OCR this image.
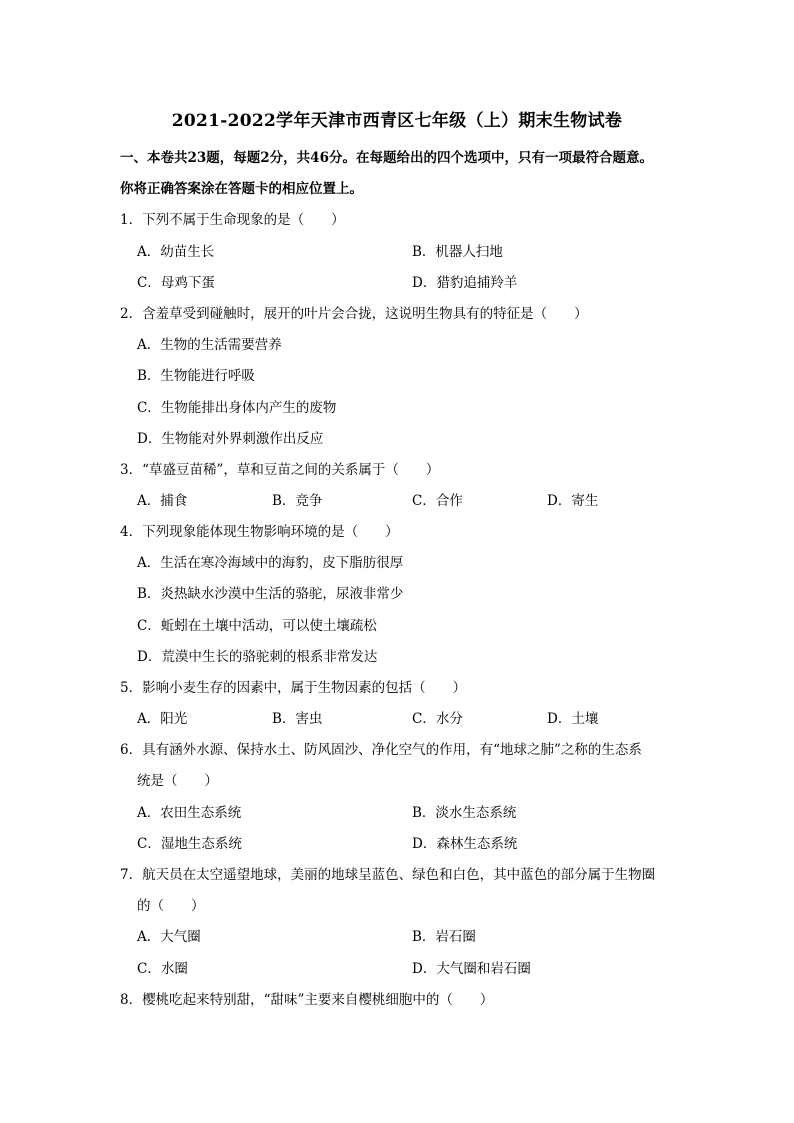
2021-2022学年天津市西青区七年级（上）期末生物试卷
一、本卷共23题，每题2分，共46分。在每题给出的四个选项中，只有一项最符合题意。
你将正确答案涂在答题卡的相应位置上。
1．下列不属于生命现象的是（　　）
A．幼苗生长	B．机器人扫地
C．母鸡下蛋	D．猎豹追捕羚羊
2．含羞草受到碰触时，展开的叶片会合拢，这说明生物具有的特征是（　　）
A．生物的生活需要营养
B．生物能进行呼吸
C．生物能排出身体内产生的废物
D．生物能对外界刺激作出反应
3．“草盛豆苗稀”，草和豆苗之间的关系属于（　　）
A．捕食	B．竞争	C．合作	D．寄生
4．下列现象能体现生物影响环境的是（　　）
A．生活在寒冷海域中的海豹，皮下脂肪很厚
B．炎热缺水沙漠中生活的骆驼，尿液非常少
C．蚯蚓在土壤中活动，可以使土壤疏松
D．荒漠中生长的骆驼刺的根系非常发达
5．影响小麦生存的因素中，属于生物因素的包括（　　）
A．阳光	B．害虫	C．水分	D．土壤
6．具有涵外水源、保持水土、防风固沙、净化空气的作用，有“地球之肺”之称的生态系
统是（　　）
A．农田生态系统	B．淡水生态系统
C．湿地生态系统	D．森林生态系统
7．航天员在太空遥望地球，美丽的地球呈蓝色、绿色和白色，其中蓝色的部分属于生物圈
的（　　）
A．大气圈	B．岩石圈
C．水圈	D．大气圈和岩石圈
8．樱桃吃起来特别甜，“甜味”主要来自樱桃细胞中的（　　）
